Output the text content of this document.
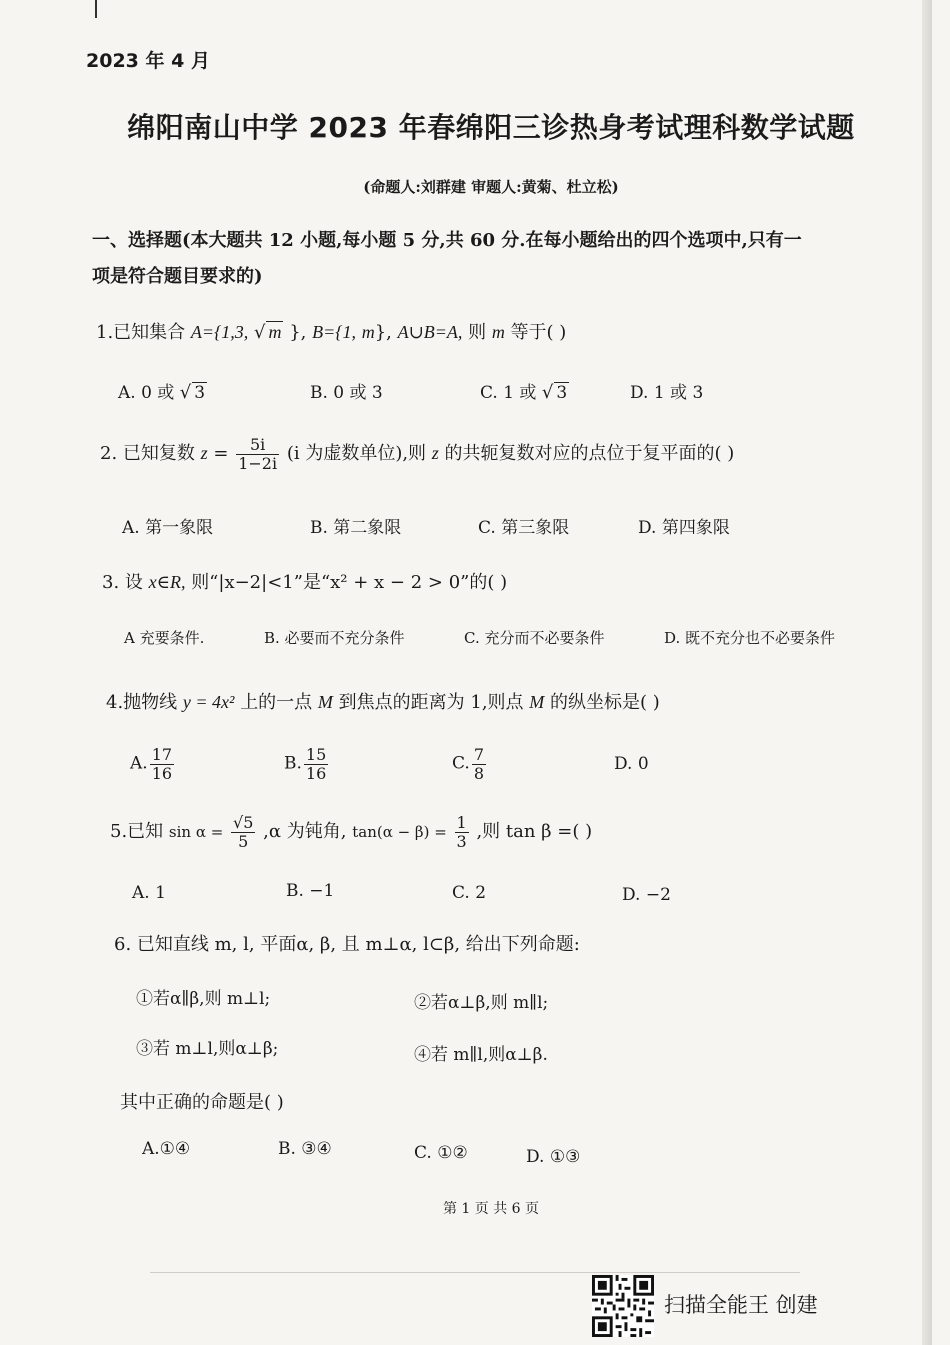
2023 年 4 月
绵阳南山中学 2023 年春绵阳三诊热身考试理科数学试题
(命题人:刘群建 审题人:黄菊、杜立松)
一、选择题(本大题共 12 小题,每小题 5 分,共 60 分.在每小题给出的四个选项中,只有一
项是符合题目要求的)
1.已知集合 A={1,3, √ m }, B={1, m}, A∪B=A, 则 m 等于( )
A. 0 或 √ 3	B. 0 或 3	C. 1 或 √ 3	D. 1 或 3
2. 已知复数 $z = \frac{5i}{1-2i} (i$ 为虚数单位),则 z 的共轭复数对应的点位于复平面的( )
A. 第一象限	B. 第二象限	C. 第三象限	D. 第四象限
3. 设 x∈R, 则“|x−2|<1”是“x² + x − 2 > 0”的( )
A 充要条件.	B. 必要而不充分条件	C. 充分而不必要条件	D. 既不充分也不必要条件
4.抛物线 y = 4x² 上的一点 M 到焦点的距离为 1,则点 M 的纵坐标是( )
A. $\frac{17}{16}$	B. $\frac{15}{16}$	C. $\frac{7}{8}$	D. 0
5.已知 $\sin \alpha = \frac{√5}{5} ,\alpha$ 为钝角, $\tan(\alpha - \beta) = \frac{1}{3}$ ,则 tan β =( )
A. 1	B. −1	C. 2	D. −2
6. 已知直线 m, l, 平面α, β, 且 m⊥α, l⊂β, 给出下列命题:
①若α∥β,则 m⊥l;	②若α⊥β,则 m∥l;
③若 m⊥l,则α⊥β;	④若 m∥l,则α⊥β.
其中正确的命题是( )
A.①④	B. ③④	C. ①②	D. ①③
第 1 页 共 6 页
扫描全能王 创建
